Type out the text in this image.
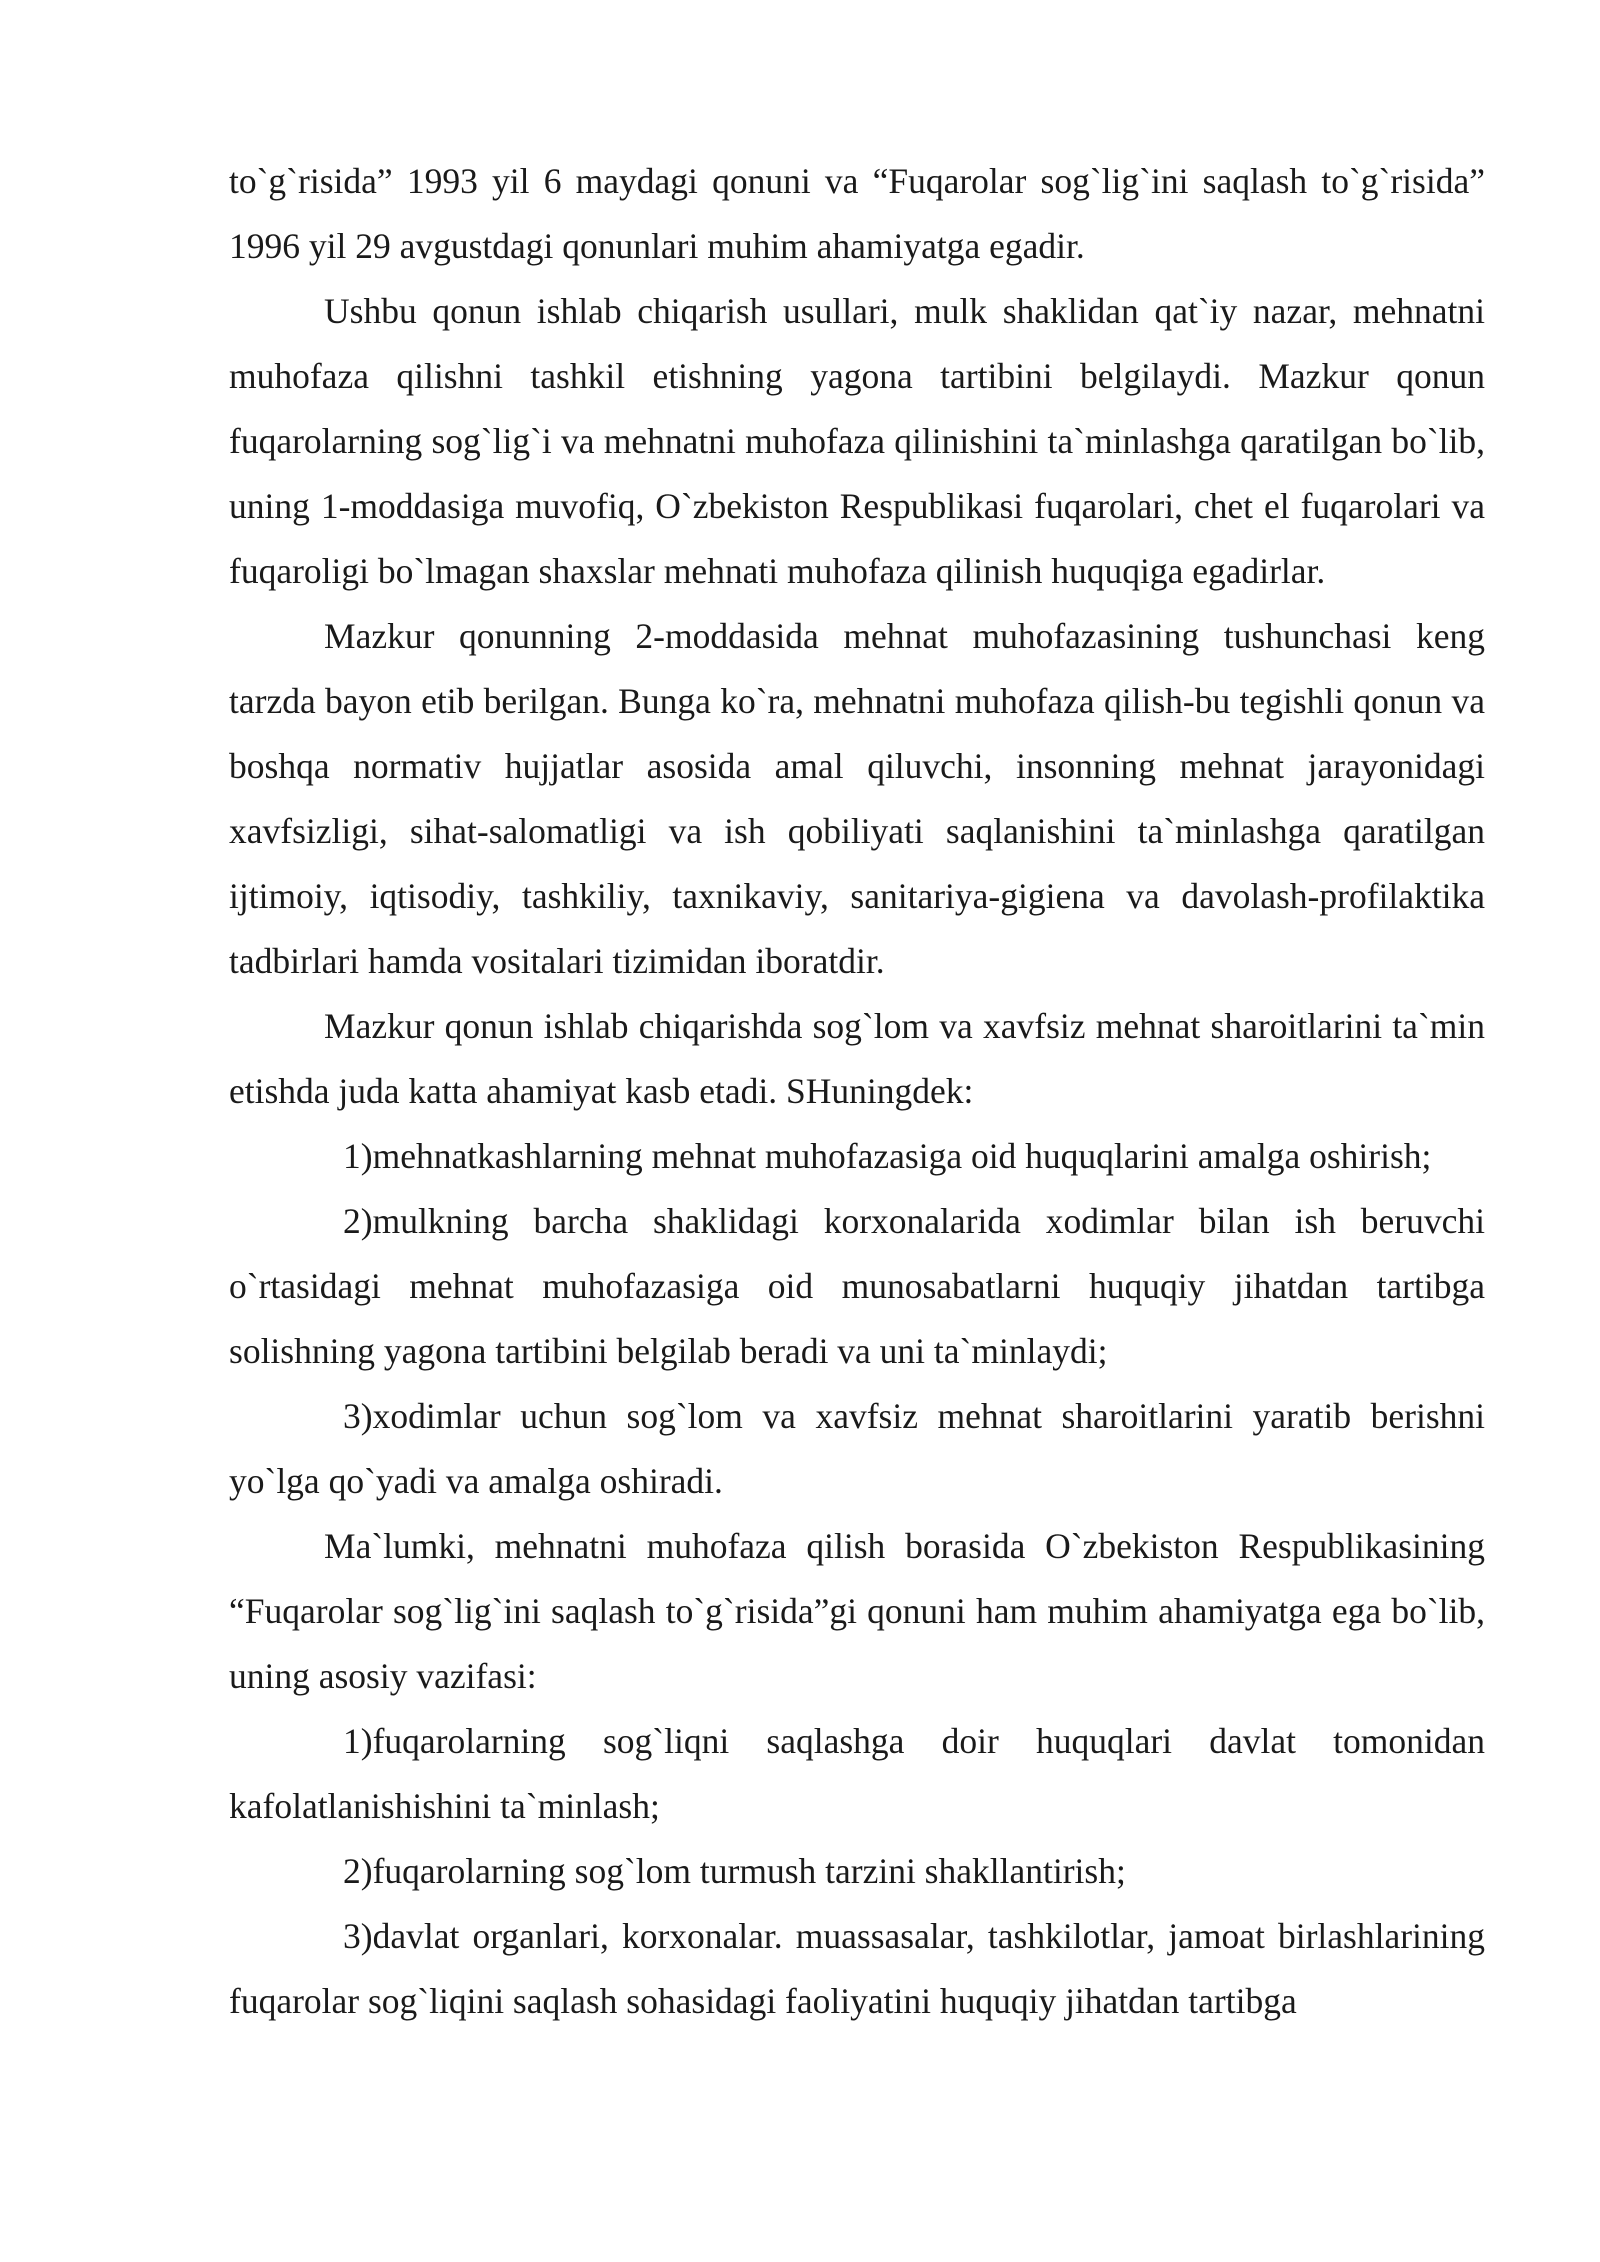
to`g`risida” 1993 yil 6 maydagi qonuni va “Fuqarolar sog`lig`ini saqlash to`g`risida” 1996 yil 29 avgustdagi qonunlari muhim ahamiyatga egadir.

Ushbu qonun ishlab chiqarish usullari, mulk shaklidan qat`iy nazar, mehnatni muhofaza qilishni tashkil etishning yagona tartibini belgilaydi. Mazkur qonun fuqarolarning sog`lig`i va mehnatni muhofaza qilinishini ta`minlashga qaratilgan bo`lib, uning 1-moddasiga muvofiq, O`zbekiston Respublikasi fuqarolari, chet el fuqarolari va fuqaroligi bo`lmagan shaxslar mehnati muhofaza qilinish huquqiga egadirlar.

Mazkur qonunning 2-moddasida mehnat muhofazasining tushunchasi keng tarzda bayon etib berilgan. Bunga ko`ra, mehnatni muhofaza qilish-bu tegishli qonun va boshqa normativ hujjatlar asosida amal qiluvchi, insonning mehnat jarayonidagi xavfsizligi, sihat-salomatligi va ish qobiliyati saqlanishini ta`minlashga qaratilgan ijtimoiy, iqtisodiy, tashkiliy, taxnikaviy, sanitariya-gigiena va davolash-profilaktika tadbirlari hamda vositalari tizimidan iboratdir.

Mazkur qonun ishlab chiqarishda sog`lom va xavfsiz mehnat sharoitlarini ta`min etishda juda katta ahamiyat kasb etadi. SHuningdek:

1)mehnatkashlarning mehnat muhofazasiga oid huquqlarini amalga oshirish;

2)mulkning barcha shaklidagi korxonalarida xodimlar bilan ish beruvchi o`rtasidagi mehnat muhofazasiga oid munosabatlarni huquqiy jihatdan tartibga solishning yagona tartibini belgilab beradi va uni ta`minlaydi;

3)xodimlar uchun sog`lom va xavfsiz mehnat sharoitlarini yaratib berishni yo`lga qo`yadi va amalga oshiradi.

Ma`lumki, mehnatni muhofaza qilish borasida O`zbekiston Respublikasining “Fuqarolar sog`lig`ini saqlash to`g`risida”gi qonuni ham muhim ahamiyatga ega bo`lib, uning asosiy vazifasi:

1)fuqarolarning sog`liqni saqlashga doir huquqlari davlat tomonidan kafolatlanishishini ta`minlash;

2)fuqarolarning sog`lom turmush tarzini shakllantirish;

3)davlat organlari, korxonalar. muassasalar, tashkilotlar, jamoat birlashlarining fuqarolar sog`liqini saqlash sohasidagi faoliyatini huquqiy jihatdan tartibga
